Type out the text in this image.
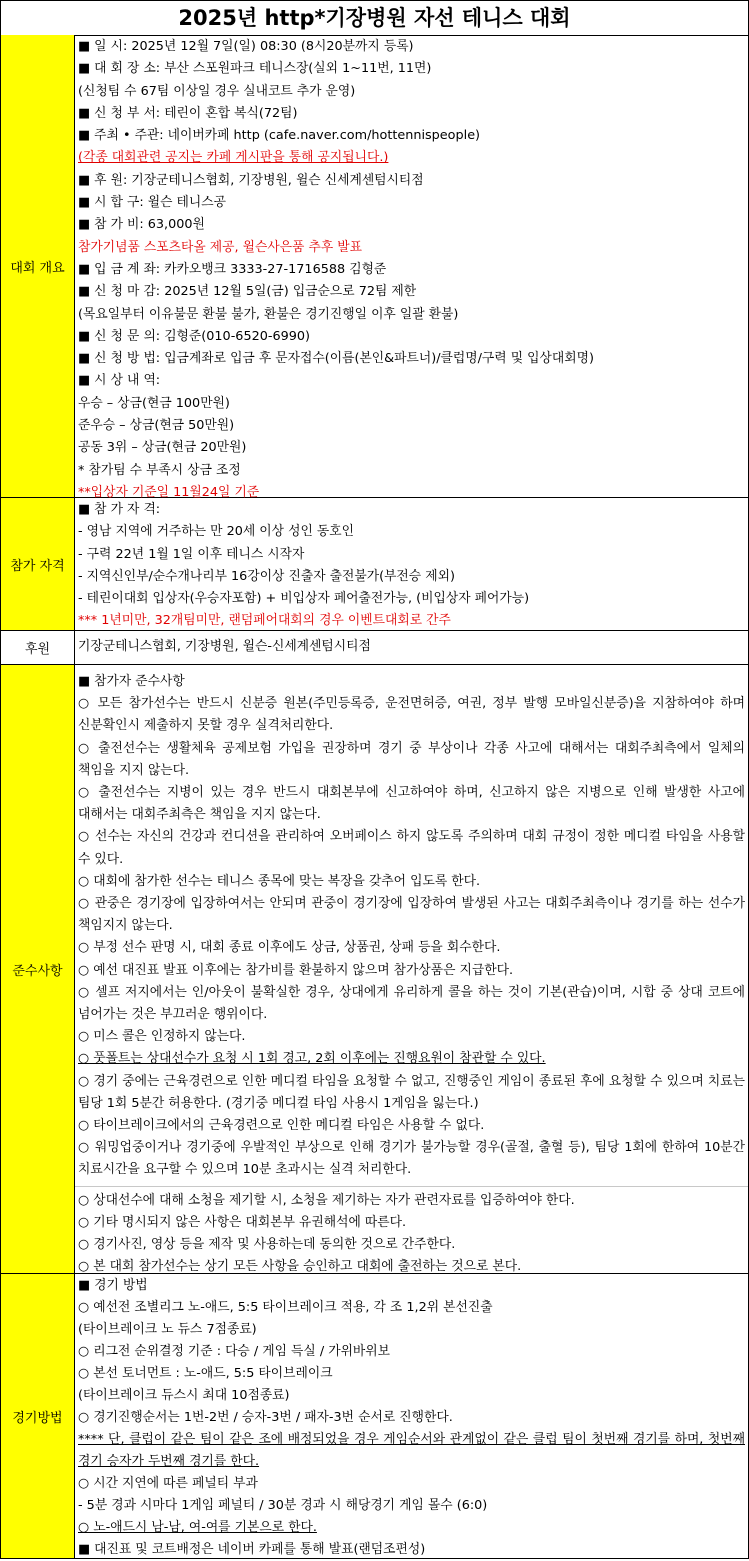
2025년 http*기장병원 자선 테니스 대회
대회 개요
■ 일 시: 2025년 12월 7일(일) 08:30 (8시20분까지 등록)
■ 대 회 장 소: 부산 스포원파크 테니스장(실외 1~11번, 11면)
(신청팀 수 67팀 이상일 경우 실내코트 추가 운영)
■ 신 청 부 서: 테린이 혼합 복식(72팀)
■ 주최 • 주관: 네이버카페 http (cafe.naver.com/hottennispeople)
(각종 대회관련 공지는 카페 게시판을 통해 공지됩니다.)
■ 후 원: 기장군테니스협회, 기장병원, 윌슨 신세계센텀시티점
■ 시 합 구: 윌슨 테니스공
■ 참 가 비: 63,000원
참가기념품 스포츠타올 제공, 윌슨사은품 추후 발표
■ 입 금 계 좌: 카카오뱅크 3333-27-1716588 김형준
■ 신 청 마 감: 2025년 12월 5일(금) 입금순으로 72팀 제한
(목요일부터 이유불문 환불 불가, 환불은 경기진행일 이후 일괄 환불)
■ 신 청 문 의: 김형준(010-6520-6990)
■ 신 청 방 법: 입금계좌로 입금 후 문자접수(이름(본인&파트너)/클럽명/구력 및 입상대회명)
■ 시 상 내 역:
우승 – 상금(현금 100만원)
준우승 – 상금(현금 50만원)
공동 3위 – 상금(현금 20만원)
* 참가팀 수 부족시 상금 조정
**입상자 기준일 11월24일 기준
참가 자격
■ 참 가 자 격:
- 영남 지역에 거주하는 만 20세 이상 성인 동호인
- 구력 22년 1월 1일 이후 테니스 시작자
- 지역신인부/순수개나리부 16강이상 진출자 출전불가(부전승 제외)
- 테린이대회 입상자(우승자포함) + 비입상자 페어출전가능, (비입상자 페어가능)
*** 1년미만, 32개팀미만, 랜덤페어대회의 경우 이벤트대회로 간주
후원	기장군테니스협회, 기장병원, 윌슨-신세계센텀시티점
준수사항
■ 참가자 준수사항
○ 모든 참가선수는 반드시 신분증 원본(주민등록증, 운전면허증, 여권, 정부 발행 모바일신분증)을 지참하여야 하며 신분확인시 제출하지 못할 경우 실격처리한다.
○ 출전선수는 생활체육 공제보험 가입을 권장하며 경기 중 부상이나 각종 사고에 대해서는 대회주최측에서 일체의 책임을 지지 않는다.
○ 출전선수는 지병이 있는 경우 반드시 대회본부에 신고하여야 하며, 신고하지 않은 지병으로 인해 발생한 사고에 대해서는 대회주최측은 책임을 지지 않는다.
○ 선수는 자신의 건강과 컨디션을 관리하여 오버페이스 하지 않도록 주의하며 대회 규정이 정한 메디컬 타임을 사용할 수 있다.
○ 대회에 참가한 선수는 테니스 종목에 맞는 복장을 갖추어 입도록 한다.
○ 관중은 경기장에 입장하여서는 안되며 관중이 경기장에 입장하여 발생된 사고는 대회주최측이나 경기를 하는 선수가 책임지지 않는다.
○ 부정 선수 판명 시, 대회 종료 이후에도 상금, 상품권, 상패 등을 회수한다.
○ 예선 대진표 발표 이후에는 참가비를 환불하지 않으며 참가상품은 지급한다.
○ 셀프 저지에서는 인/아웃이 불확실한 경우, 상대에게 유리하게 콜을 하는 것이 기본(관습)이며, 시합 중 상대 코트에 넘어가는 것은 부끄러운 행위이다.
○ 미스 콜은 인정하지 않는다.
○ 풋폴트는 상대선수가 요청 시 1회 경고, 2회 이후에는 진행요원이 참관할 수 있다.
○ 경기 중에는 근육경련으로 인한 메디컬 타임을 요청할 수 없고, 진행중인 게임이 종료된 후에 요청할 수 있으며 치료는 팀당 1회 5분간 허용한다. (경기중 메디컬 타임 사용시 1게임을 잃는다.)
○ 타이브레이크에서의 근육경련으로 인한 메디컬 타임은 사용할 수 없다.
○ 워밍업중이거나 경기중에 우발적인 부상으로 인해 경기가 불가능할 경우(골절, 출혈 등), 팀당 1회에 한하여 10분간 치료시간을 요구할 수 있으며 10분 초과시는 실격 처리한다.
○ 상대선수에 대해 소청을 제기할 시, 소청을 제기하는 자가 관련자료를 입증하여야 한다.
○ 기타 명시되지 않은 사항은 대회본부 유권해석에 따른다.
○ 경기사진, 영상 등을 제작 및 사용하는데 동의한 것으로 간주한다.
○ 본 대회 참가선수는 상기 모든 사항을 승인하고 대회에 출전하는 것으로 본다.
경기방법
■ 경기 방법
○ 예선전 조별리그 노-애드, 5:5 타이브레이크 적용, 각 조 1,2위 본선진출
(타이브레이크 노 듀스 7점종료)
○ 리그전 순위결정 기준 : 다승 / 게임 득실 / 가위바위보
○ 본선 토너먼트 : 노-애드, 5:5 타이브레이크
(타이브레이크 듀스시 최대 10점종료)
○ 경기진행순서는 1번-2번 / 승자-3번 / 패자-3번 순서로 진행한다.
**** 단, 클럽이 같은 팀이 같은 조에 배정되었을 경우 게임순서와 관계없이 같은 클럽 팀이 첫번째 경기를 하며, 첫번째 경기 승자가 두번째 경기를 한다.
○ 시간 지연에 따른 페널티 부과
- 5분 경과 시마다 1게임 페널티 / 30분 경과 시 해당경기 게임 몰수 (6:0)
○ 노-애드시 남-남, 여-여를 기본으로 한다.
■ 대진표 및 코트배정은 네이버 카페를 통해 발표(랜덤조편성)
